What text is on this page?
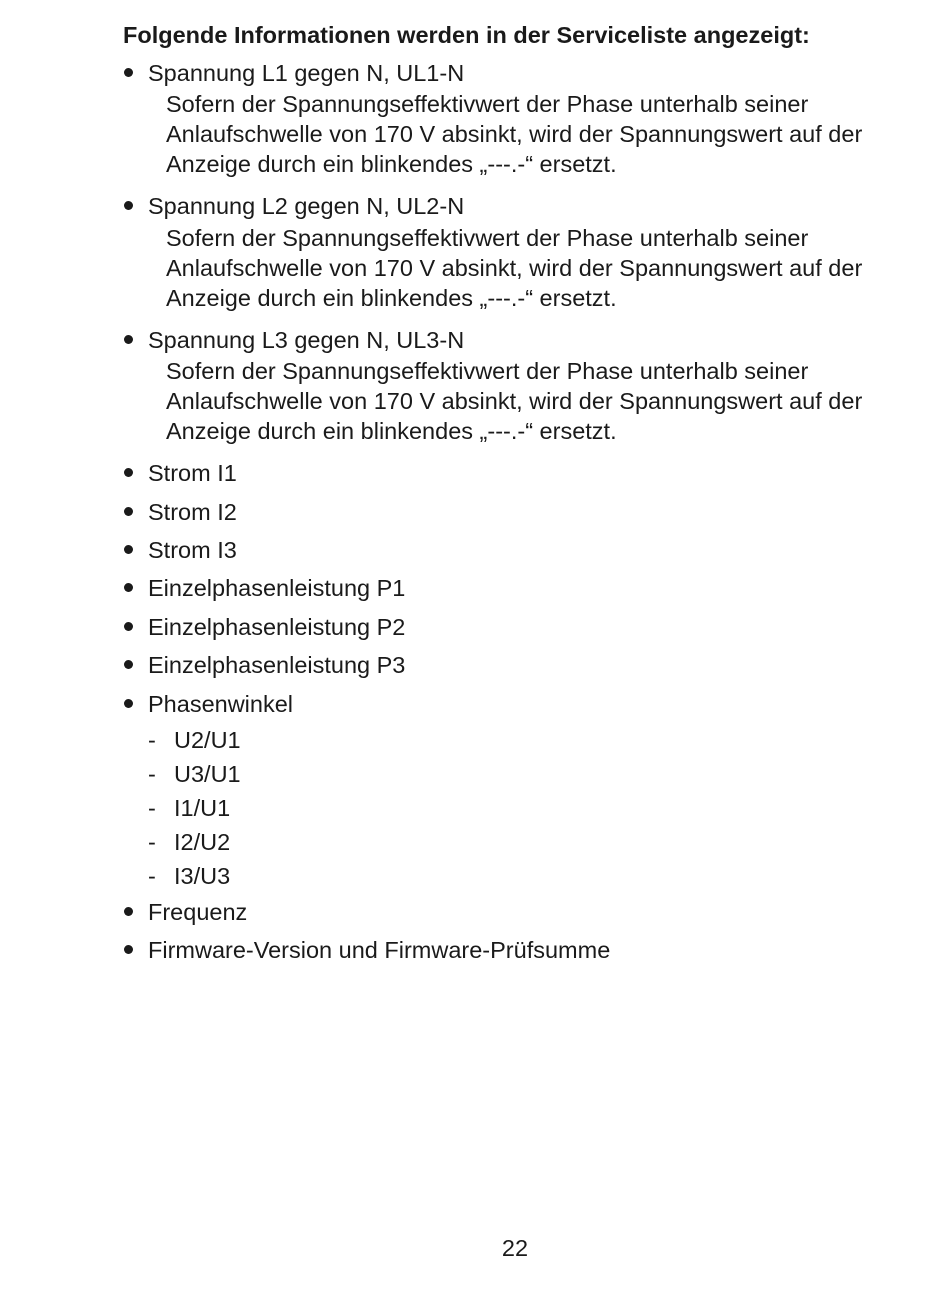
Folgende Informationen werden in der Serviceliste angezeigt:
Spannung L1 gegen N, UL1-N
Sofern der Spannungseffektivwert der Phase unterhalb seiner Anlaufschwelle von 170 V absinkt, wird der Spannungswert auf der Anzeige durch ein blinkendes „---.-“ ersetzt.
Spannung L2 gegen N, UL2-N
Sofern der Spannungseffektivwert der Phase unterhalb seiner Anlaufschwelle von 170 V absinkt, wird der Spannungswert auf der Anzeige durch ein blinkendes „---.-“ ersetzt.
Spannung L3 gegen N, UL3-N
Sofern der Spannungseffektivwert der Phase unterhalb seiner Anlaufschwelle von 170 V absinkt, wird der Spannungswert auf der Anzeige durch ein blinkendes „---.-“ ersetzt.
Strom I1
Strom I2
Strom I3
Einzelphasenleistung P1
Einzelphasenleistung P2
Einzelphasenleistung P3
Phasenwinkel
- U2/U1
- U3/U1
- I1/U1
- I2/U2
- I3/U3
Frequenz
Firmware-Version und Firmware-Prüfsumme
22
